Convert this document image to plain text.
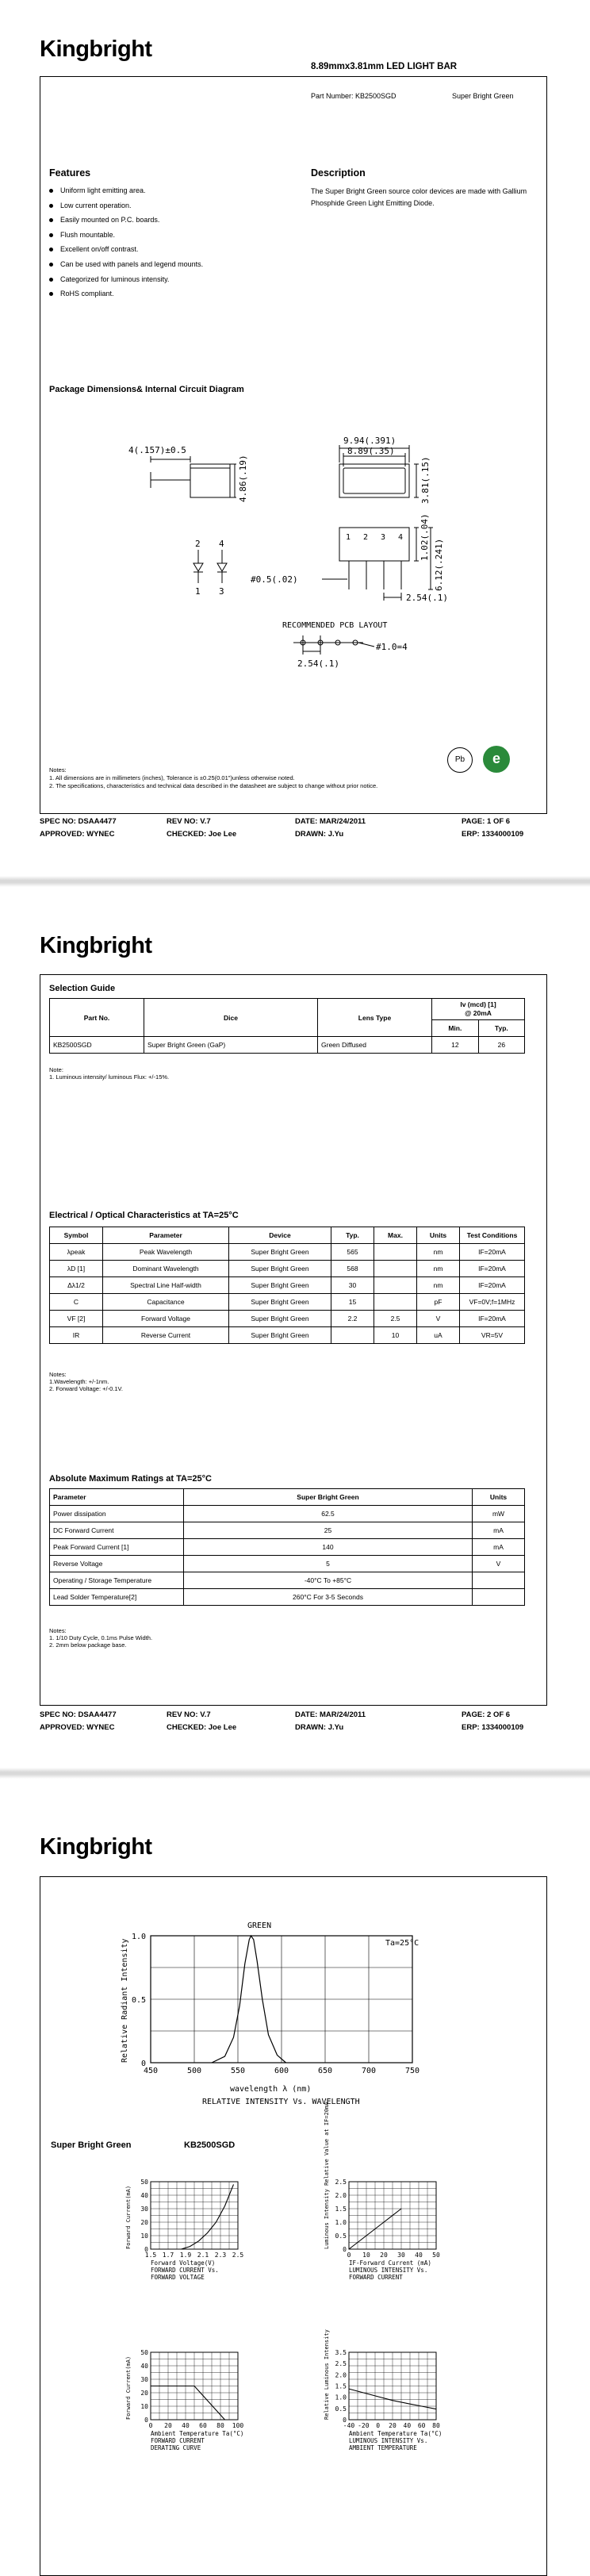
Kingbright
8.89mmx3.81mm LED LIGHT BAR
Part Number: KB2500SGD	Super Bright Green
Features
Uniform light emitting area.
Low current operation.
Easily mounted on P.C. boards.
Flush mountable.
Excellent on/off contrast.
Can be used with panels and legend mounts.
Categorized for luminous intensity.
RoHS compliant.
Description
The Super Bright Green source color devices are made with Gallium Phosphide Green Light Emitting Diode.
Package Dimensions& Internal Circuit Diagram
4(.157)±0.5
9.94(.391)
8.89(.35)
4.86(.19)	3.81(.15)
1.02(.04)
6.12(.241)
#0.5(.02)
2.54(.1)
RECOMMENDED PCB LAYOUT
#1.0=4
2.54(.1)
2 4
1 3
1 2 3 4
Pb	e
Notes:
1. All dimensions are in millimeters (inches), Tolerance is ±0.25(0.01")unless otherwise noted.
2. The specifications, characteristics and technical data described in the datasheet are subject to change without prior notice.
SPEC NO: DSAA4477	REV NO: V.7	DATE: MAR/24/2011	PAGE: 1 OF 6
APPROVED: WYNEC	CHECKED: Joe Lee	DRAWN: J.Yu	ERP: 1334000109
Kingbright
Selection Guide
Part No.	Dice	Lens Type	Iv (mcd) [1]
@ 20mA	
			Min.	Typ.
KB2500SGD	Super Bright Green (GaP)	Green Diffused	12	26
Note:
1. Luminous intensity/ luminous Flux: +/-15%.
Electrical / Optical Characteristics at TA=25°C
Symbol	Parameter	Device	Typ.	Max.	Units	Test Conditions
λpeak	Peak Wavelength	Super Bright Green	565		nm	IF=20mA
λD [1]	Dominant Wavelength	Super Bright Green	568		nm	IF=20mA
Δλ1/2	Spectral Line Half-width	Super Bright Green	30		nm	IF=20mA
C	Capacitance	Super Bright Green	15		pF	VF=0V;f=1MHz
VF [2]	Forward Voltage	Super Bright Green	2.2	2.5	V	IF=20mA
IR	Reverse Current	Super Bright Green		10	uA	VR=5V
Notes:
1.Wavelength: +/-1nm.
2. Forward Voltage: +/-0.1V.
Absolute Maximum Ratings at TA=25°C
Parameter	Super Bright Green	Units
Power dissipation	62.5	mW
DC Forward Current	25	mA
Peak Forward Current [1]	140	mA
Reverse Voltage	5	V
Operating / Storage Temperature	-40°C To +85°C	
Lead Solder Temperature[2]	260°C For 3-5 Seconds	
Notes:
1. 1/10 Duty Cycle, 0.1ms Pulse Width.
2. 2mm below package base.
SPEC NO: DSAA4477	REV NO: V.7	DATE: MAR/24/2011	PAGE: 2 OF 6
APPROVED: WYNEC	CHECKED: Joe Lee	DRAWN: J.Yu	ERP: 1334000109
Kingbright
450	500	550	600	650	700	750
1.0
0.5
0
GREEN
Ta=25°C
Relative Radiant Intensity
wavelength λ (nm)
RELATIVE INTENSITY Vs. WAVELENGTH
Super Bright Green	KB2500SGD
1.5 1.7 1.9 2.1 2.3 2.5
50
40
30
20
10
0
Forward Current(mA)
Forward Voltage(V)
FORWARD CURRENT Vs.
FORWARD VOLTAGE
0 10 20 30 40 50
2.5
2.0
1.5
1.0
0.5
0
Luminous Intensity Relative Value at IF=20mA
IF-Forward Current (mA)
LUMINOUS INTENSITY Vs.
FORWARD CURRENT
0 20 40 60 80 100
50
40
30
20
10
0
Forward Current(mA)
Ambient Temperature Ta(°C)
FORWARD CURRENT
DERATING CURVE
-40 -20 0 20 40 60 80
3.5
2.5
2.0
1.5
1.0
0.5
0
Relative Luminous Intensity
Ambient Temperature Ta(°C)
LUMINOUS INTENSITY Vs.
AMBIENT TEMPERATURE
